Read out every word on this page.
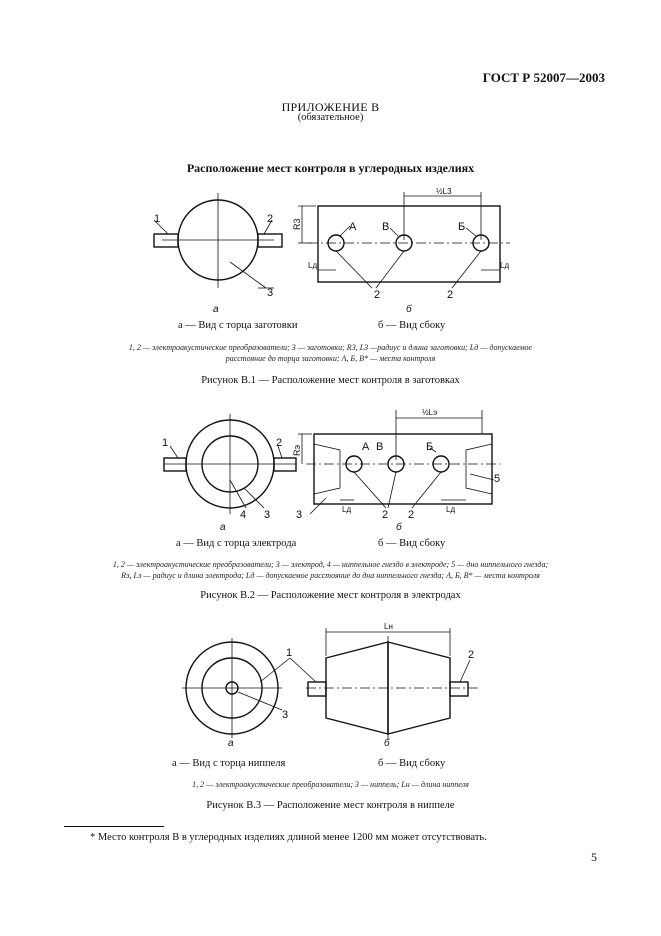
ГОСТ Р 52007—2003
ПРИЛОЖЕНИЕ В
(обязательное)
Расположение мест контроля в углеродных изделиях
1	2
3
а
R3
½L3
А В	Б
Lд	Lд
2	2
б
а — Вид с торца заготовки	б — Вид сбоку
1, 2 — электроакустические преобразователи; 3 — заготовки; R3, L3 —радиус и длина заготовки; Lд — допускаемое
расстояние до торца заготовки; А, Б, В* — места контроля
Рисунок В.1 — Расположение мест контроля в заготовках
1	2
4 3
а
Rэ
½Lэ
А В	Б
Lд	Lд
3
5
2 2
б
а — Вид с торца электрода	б — Вид сбоку
1, 2 — электроакустические преобразователи; 3 — электрод, 4 — ниппельное гнездо в электроде; 5 — дно ниппельного гнезда;
Rэ, Lэ — радиус и длина электрода; Lд — допускаемое расстояние до дна ниппельного гнезда; А, Б, В* — места контроля
Рисунок В.2 — Расположение мест контроля в электродах
3
а
Lн
1	2
б
а — Вид с торца ниппеля	б — Вид сбоку
1, 2 — электроакустические преобразователи; 3 — ниппель; Lн — длина ниппеля
Рисунок В.3 — Расположение мест контроля в ниппеле
* Место контроля В в углеродных изделиях длиной менее 1200 мм может отсутствовать.
5
